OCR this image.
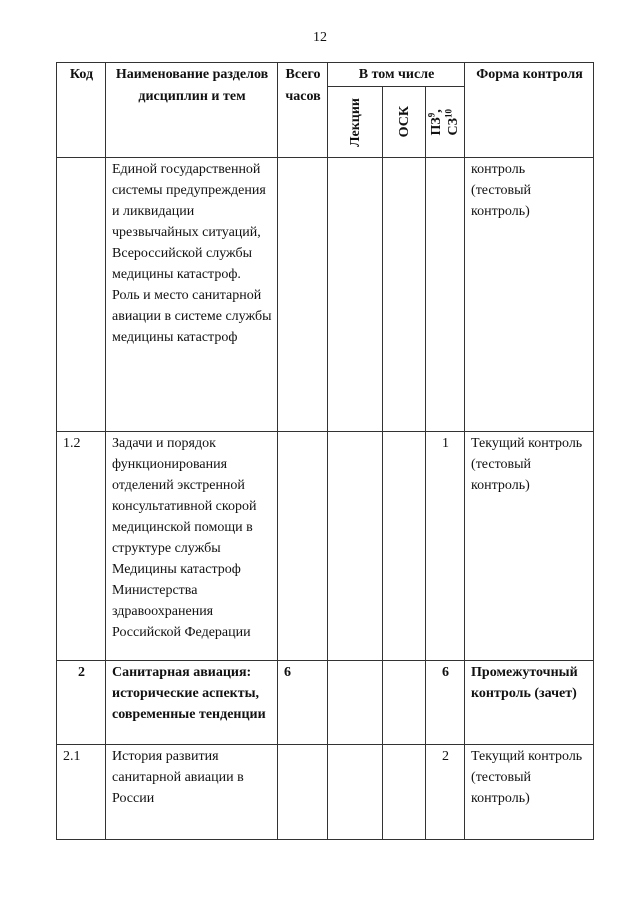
12
Код	Наименование разделов дисциплин и тем	Всего часов	В том числе			Форма контроля

			Лекции	ОСК	$ПЗ^9$,
СЗ$^{10}$

	Единой государственной системы предупреждения и ликвидации чрезвычайных ситуаций, Всероссийской службы медицины катастроф. Роль и место санитарной авиации в системе службы медицины катастроф					контроль (тестовый контроль)
1.2	Задачи и порядок функционирования отделений экстренной консультативной скорой медицинской помощи в структуре службы Медицины катастроф Министерства здравоохранения Российской Федерации				1	Текущий контроль (тестовый контроль)
2	Санитарная авиация: исторические аспекты, современные тенденции	6			6	Промежуточный контроль (зачет)
2.1	История развития санитарной авиации в России				2	Текущий контроль (тестовый контроль)
